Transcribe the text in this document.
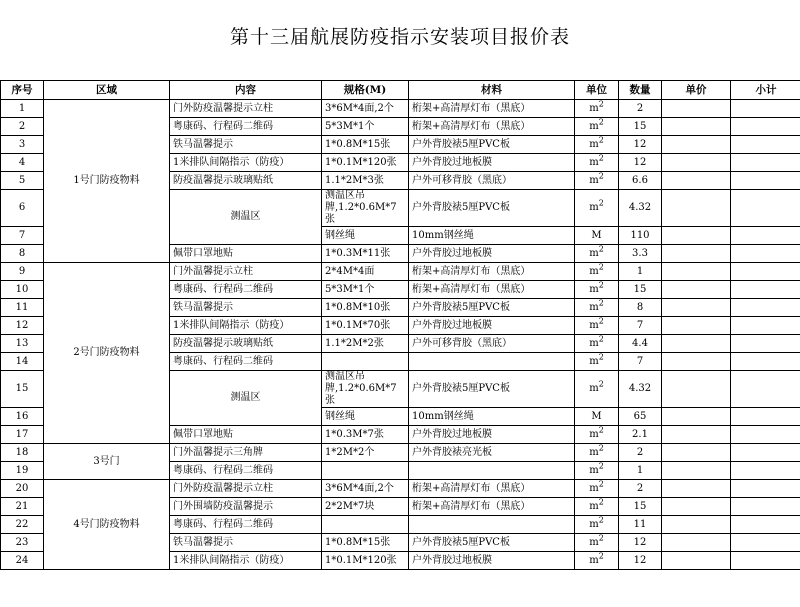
第十三届航展防疫指示安装项目报价表
序号	区域	内容	规格(M)	材料	单位	数量	单价	小计
1	1号门防疫物料	门外防疫温馨提示立柱	3*6M*4面,2个	桁架+高清厚灯布（黑底）	$m^2$	2		
2		粤康码、行程码二维码	5*3M*1个	桁架+高清厚灯布（黑底）	$m^2$	15		
3		铁马温馨提示	1*0.8M*15张	户外背胶裱5厘PVC板	$m^2$	12		
4		1米排队间隔指示（防疫）	1*0.1M*120张	户外背胶过地板膜	$m^2$	12		
5		防疫温馨提示玻璃贴纸	1.1*2M*3张	户外可移背胶（黑底）	$m^2$	6.6		
6		测温区	测温区吊牌,1.2*0.6M*7张	户外背胶裱5厘PVC板	$m^2$	4.32		
7			钢丝绳	10mm钢丝绳	M	110		
8		佩带口罩地贴	1*0.3M*11张	户外背胶过地板膜	$m^2$	3.3		
9	2号门防疫物料	门外温馨提示立柱	2*4M*4面	桁架+高清厚灯布（黑底）	$m^2$	1		
10		粤康码、行程码二维码	5*3M*1个	桁架+高清厚灯布（黑底）	$m^2$	15		
11		铁马温馨提示	1*0.8M*10张	户外背胶裱5厘PVC板	$m^2$	8		
12		1米排队间隔指示（防疫）	1*0.1M*70张	户外背胶过地板膜	$m^2$	7		
13		防疫温馨提示玻璃贴纸	1.1*2M*2张	户外可移背胶（黑底）	$m^2$	4.4		
14		粤康码、行程码二维码			$m^2$	7		
15		测温区	测温区吊牌,1.2*0.6M*7张	户外背胶裱5厘PVC板	$m^2$	4.32		
16			钢丝绳	10mm钢丝绳	M	65		
17		佩带口罩地贴	1*0.3M*7张	户外背胶过地板膜	$m^2$	2.1		
18	3号门	门外温馨提示三角牌	1*2M*2个	户外背胶裱亮光板	$m^2$	2		
19		粤康码、行程码二维码			$m^2$	1		
20	4号门防疫物料	门外防疫温馨提示立柱	3*6M*4面,2个	桁架+高清厚灯布（黑底）	$m^2$	2		
21		门外围墙防疫温馨提示	2*2M*7块	桁架+高清厚灯布（黑底）	$m^2$	15		
22		粤康码、行程码二维码			$m^2$	11		
23		铁马温馨提示	1*0.8M*15张	户外背胶裱5厘PVC板	$m^2$	12		
24		1米排队间隔指示（防疫）	1*0.1M*120张	户外背胶过地板膜	$m^2$	12		
